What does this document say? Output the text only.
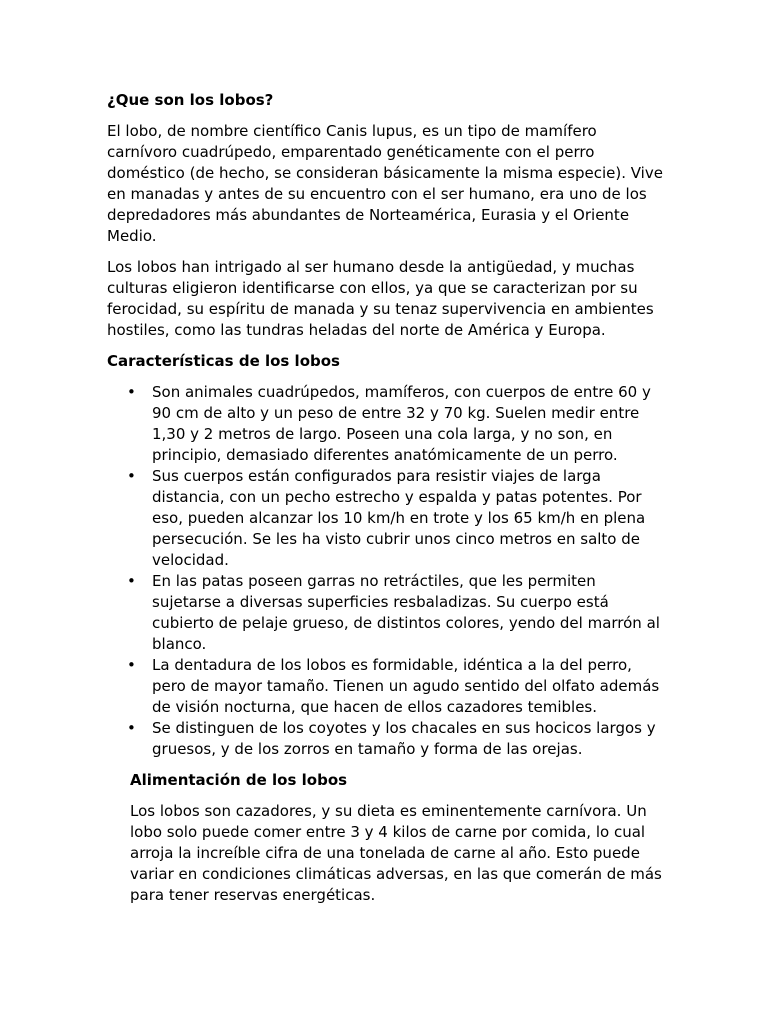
¿Que son los lobos?

El lobo, de nombre científico Canis lupus, es un tipo de mamífero carnívoro cuadrúpedo, emparentado genéticamente con el perro doméstico (de hecho, se consideran básicamente la misma especie). Vive en manadas y antes de su encuentro con el ser humano, era uno de los depredadores más abundantes de Norteamérica, Eurasia y el Oriente Medio.

Los lobos han intrigado al ser humano desde la antigüedad, y muchas culturas eligieron identificarse con ellos, ya que se caracterizan por su ferocidad, su espíritu de manada y su tenaz supervivencia en ambientes hostiles, como las tundras heladas del norte de América y Europa.

Características de los lobos
• Son animales cuadrúpedos, mamíferos, con cuerpos de entre 60 y 90 cm de alto y un peso de entre 32 y 70 kg. Suelen medir entre 1,30 y 2 metros de largo. Poseen una cola larga, y no son, en principio, demasiado diferentes anatómicamente de un perro.
• Sus cuerpos están configurados para resistir viajes de larga distancia, con un pecho estrecho y espalda y patas potentes. Por eso, pueden alcanzar los 10 km/h en trote y los 65 km/h en plena persecución. Se les ha visto cubrir unos cinco metros en salto de velocidad.
• En las patas poseen garras no retráctiles, que les permiten sujetarse a diversas superficies resbaladizas. Su cuerpo está cubierto de pelaje grueso, de distintos colores, yendo del marrón al blanco.
• La dentadura de los lobos es formidable, idéntica a la del perro, pero de mayor tamaño. Tienen un agudo sentido del olfato además de visión nocturna, que hacen de ellos cazadores temibles.
• Se distinguen de los coyotes y los chacales en sus hocicos largos y gruesos, y de los zorros en tamaño y forma de las orejas.
Alimentación de los lobos

Los lobos son cazadores, y su dieta es eminentemente carnívora. Un lobo solo puede comer entre 3 y 4 kilos de carne por comida, lo cual arroja la increíble cifra de una tonelada de carne al año. Esto puede variar en condiciones climáticas adversas, en las que comerán de más para tener reservas energéticas.
